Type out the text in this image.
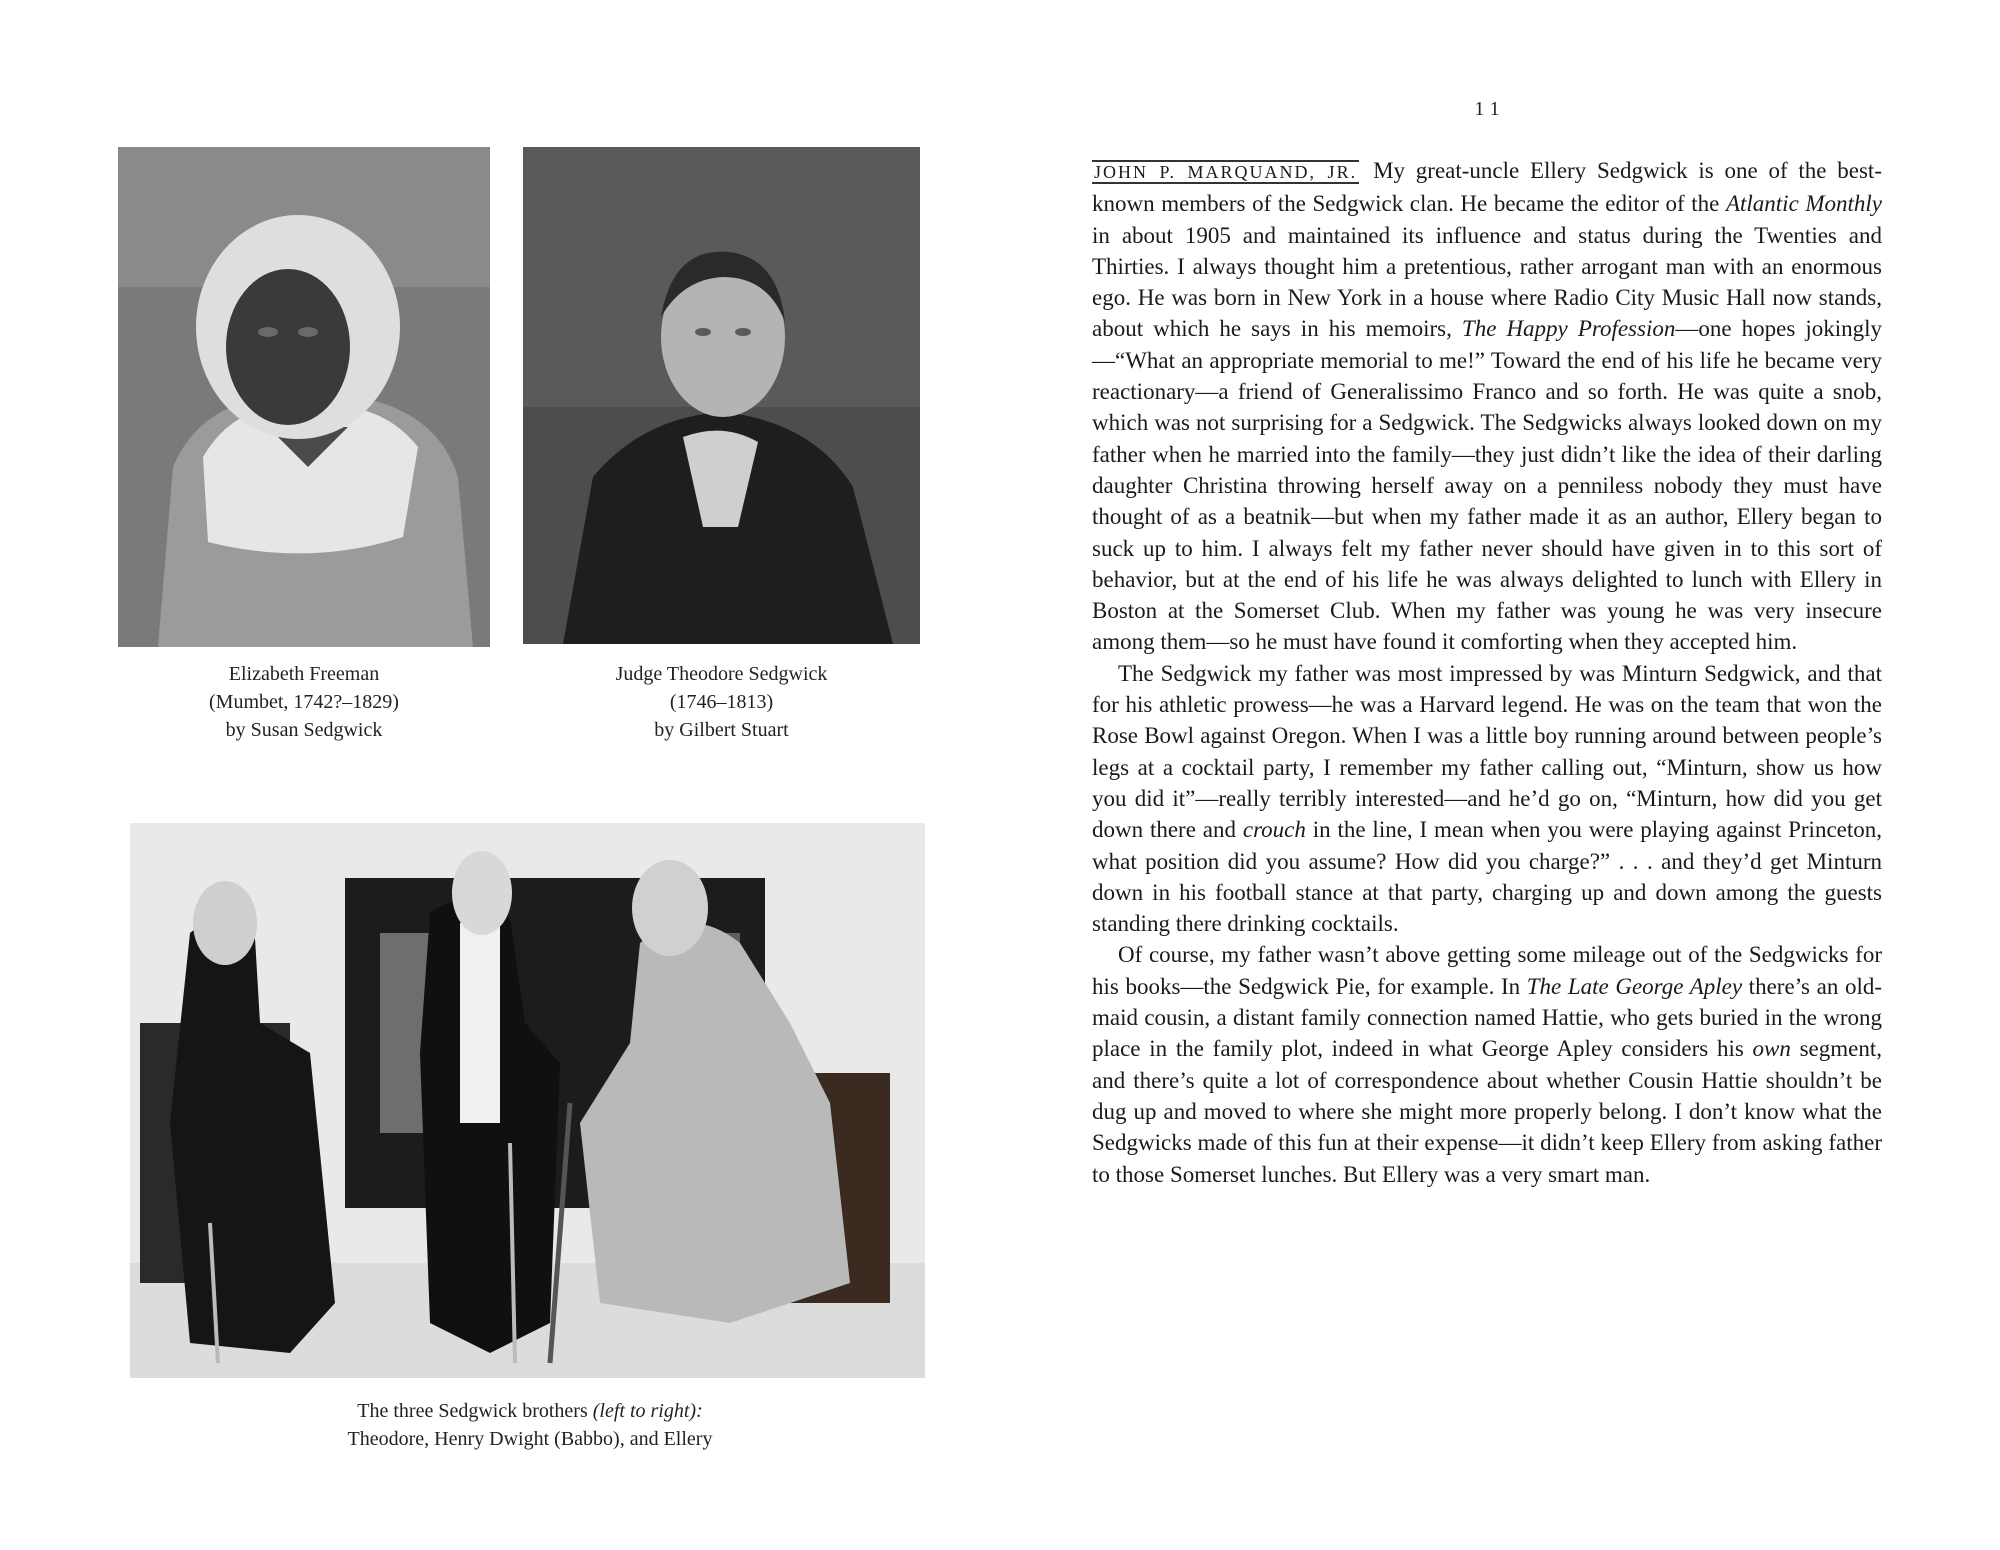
Elizabeth Freeman
(Mumbet, 1742?–1829)
by Susan Sedgwick
Judge Theodore Sedgwick
(1746–1813)
by Gilbert Stuart
The three Sedgwick brothers (left to right):
Theodore, Henry Dwight (Babbo), and Ellery
11

JOHN P. MARQUAND, JR. My great-uncle Ellery Sedgwick is one of the best-known members of the Sedgwick clan. He became the editor of the Atlantic Monthly in about 1905 and maintained its influence and status during the Twenties and Thirties. I always thought him a pretentious, rather arrogant man with an enormous ego. He was born in New York in a house where Radio City Music Hall now stands, about which he says in his memoirs, The Happy Profession—one hopes jokingly—“What an appropriate memorial to me!” Toward the end of his life he became very reactionary—a friend of Generalissimo Franco and so forth. He was quite a snob, which was not surprising for a Sedgwick. The Sedgwicks always looked down on my father when he married into the family—they just didn’t like the idea of their darling daughter Christina throwing herself away on a penniless nobody they must have thought of as a beatnik—but when my father made it as an author, Ellery began to suck up to him. I always felt my father never should have given in to this sort of behavior, but at the end of his life he was always delighted to lunch with Ellery in Boston at the Somerset Club. When my father was young he was very insecure among them—so he must have found it comforting when they accepted him.

The Sedgwick my father was most impressed by was Minturn Sedgwick, and that for his athletic prowess—he was a Harvard legend. He was on the team that won the Rose Bowl against Oregon. When I was a little boy running around between people’s legs at a cocktail party, I remember my father calling out, “Minturn, show us how you did it”—really terribly interested—and he’d go on, “Minturn, how did you get down there and crouch in the line, I mean when you were playing against Princeton, what position did you assume? How did you charge?” . . . and they’d get Minturn down in his football stance at that party, charging up and down among the guests standing there drinking cocktails.

Of course, my father wasn’t above getting some mileage out of the Sedgwicks for his books—the Sedgwick Pie, for example. In The Late George Apley there’s an old-maid cousin, a distant family connection named Hattie, who gets buried in the wrong place in the family plot, indeed in what George Apley considers his own segment, and there’s quite a lot of correspondence about whether Cousin Hattie shouldn’t be dug up and moved to where she might more properly belong. I don’t know what the Sedgwicks made of this fun at their expense—it didn’t keep Ellery from asking father to those Somerset lunches. But Ellery was a very smart man.
